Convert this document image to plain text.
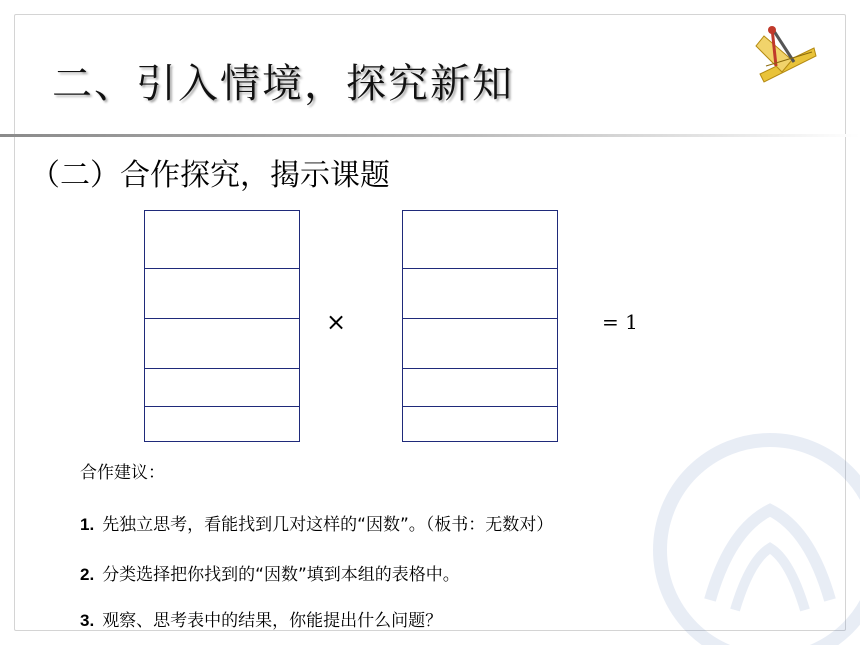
二、引入情境，探究新知
（二）合作探究，揭示课题
×	= 1
合作建议：
1. 先独立思考，看能找到几对这样的“因数”。（板书：无数对）
2. 分类选择把你找到的“因数”填到本组的表格中。
3. 观察、思考表中的结果，你能提出什么问题？
